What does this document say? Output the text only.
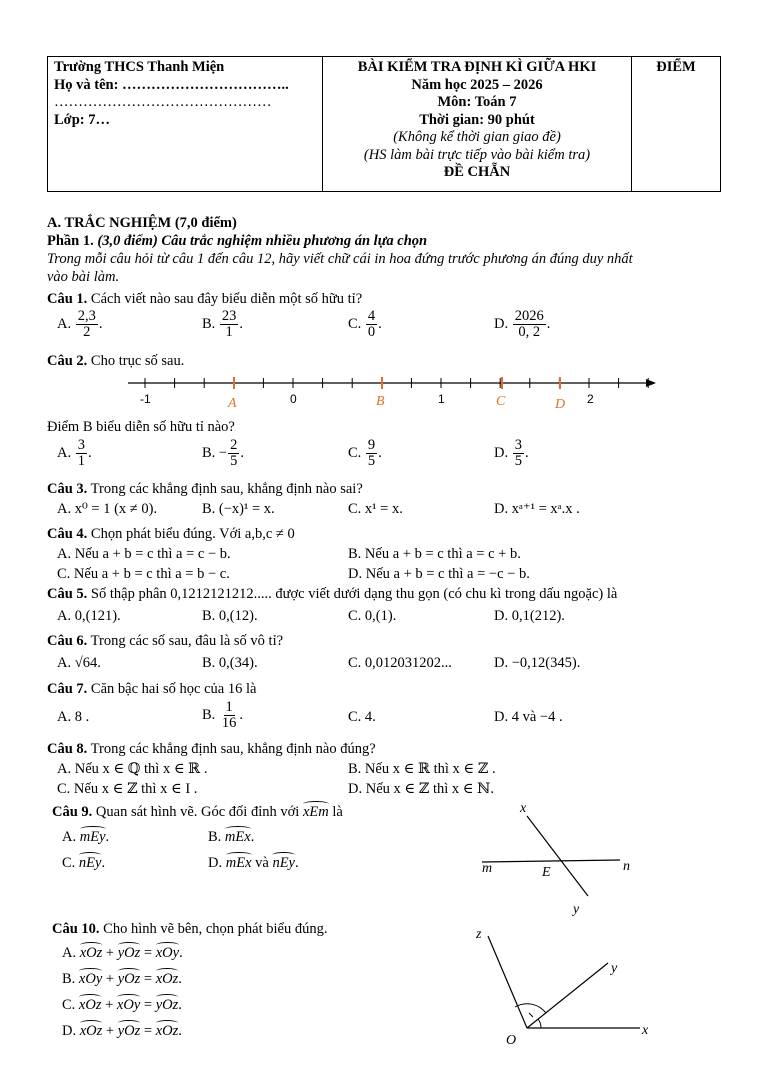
Trường THCS Thanh Miện
Họ và tên: ……………………………..
………………………………………
Lớp: 7…

BÀI KIỂM TRA ĐỊNH KÌ GIỮA HKI
Năm học 2025 – 2026
Môn: Toán 7
Thời gian: 90 phút
(Không kể thời gian giao đề)
(HS làm bài trực tiếp vào bài kiểm tra)
ĐỀ CHẴN

ĐIỂM
A. TRẮC NGHIỆM (7,0 điểm)
Phần 1. (3,0 điểm) Câu trắc nghiệm nhiều phương án lựa chọn
Trong mỗi câu hỏi từ câu 1 đến câu 12, hãy viết chữ cái in hoa đứng trước phương án đúng duy nhất
vào bài làm.
Câu 1. Cách viết nào sau đây biểu diễn một số hữu tỉ?
A. $\frac{2,3}{2}$ .	B. $\frac{23}{1}$ .	C. $\frac{4}{0}$ .	D. $\frac{2026}{0, 2}$ .
Câu 2. Cho trục số sau.
-1	0	1	2
A	B	C	D
Điểm B biểu diễn số hữu tỉ nào?
A. $\frac{3}{1}$ .	B. − $\frac{2}{5}$ .	C. $\frac{9}{5}$ .	D. $\frac{3}{5}$ .
Câu 3. Trong các khẳng định sau, khẳng định nào sai?
A. x⁰ = 1 (x ≠ 0).	B. (−x)¹ = x.	C. x¹ = x.	D. xᵃ⁺¹ = xᵃ.x .
Câu 4. Chọn phát biểu đúng. Với a,b,c ≠ 0
A. Nếu a + b = c thì a = c − b.	B. Nếu a + b = c thì a = c + b.
C. Nếu a + b = c thì a = b − c.	D. Nếu a + b = c thì a = −c − b.
Câu 5. Số thập phân 0,1212121212..... được viết dưới dạng thu gọn (có chu kì trong dấu ngoặc) là
A. 0,(121).	B. 0,(12).	C. 0,(1).	D. 0,1(212).
Câu 6. Trong các số sau, đâu là số vô tỉ?
A. √64.	B. 0,(34).	C. 0,012031202...	D. −0,12(345).
Câu 7. Căn bậc hai số học của 16 là
A. 8 .	B. $\frac{1}{16}$ .	C. 4.	D. 4 và −4 .
Câu 8. Trong các khẳng định sau, khẳng định nào đúng?
A. Nếu x ∈ ℚ thì x ∈ ℝ .	B. Nếu x ∈ ℝ thì x ∈ ℤ .
C. Nếu x ∈ ℤ thì x ∈ I .	D. Nếu x ∈ ℤ thì x ∈ ℕ.
Câu 9. Quan sát hình vẽ. Góc đối đỉnh với xEm là
A. mEy.	B. mEx.
C. nEy.	D. mEx và nEy.
x
m	E	n
y
Câu 10. Cho hình vẽ bên, chọn phát biểu đúng.
A. xOz + yOz = xOy.
B. xOy + yOz = xOz.
C. xOz + xOy = yOz.
D. xOz + yOz = xOz.
z
y
O
x
